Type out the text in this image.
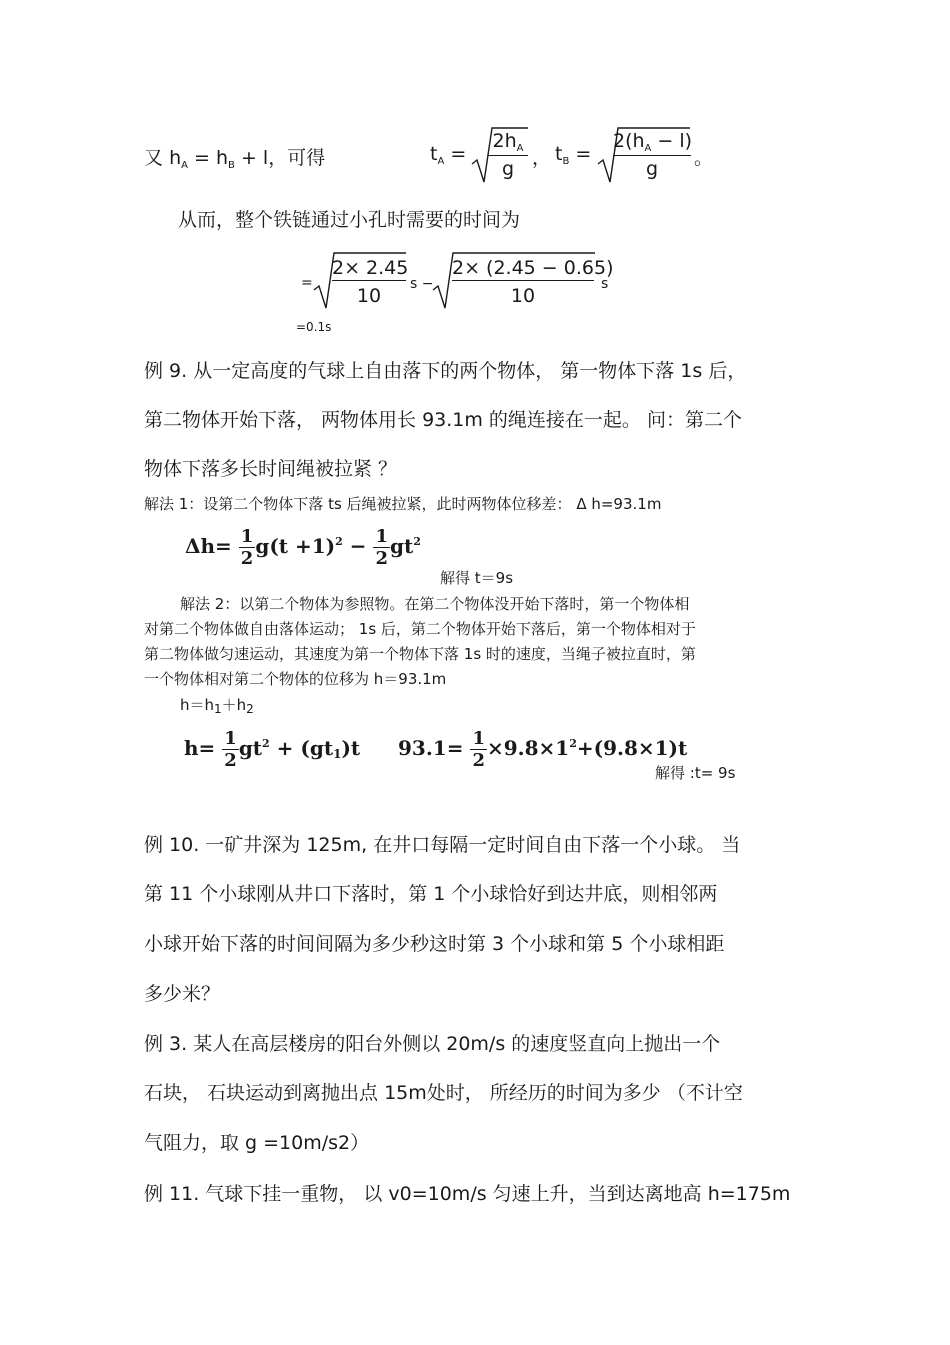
又 $h_A = h_B + l$，可得	$t_A$ =
$2h_A$
g ， $t_B$ =
$2(h_A - l)$
g	。
从而，整个铁链通过小孔时需要的时间为
= $\frac{2\times 2.45}{10}$ $s - \frac{2\times (2.45 - 0.65)}{10}$ s
=0.1s
例 9. 从一定高度的气球上自由落下的两个物体， 第一物体下落 1s 后，
第二物体开始下落， 两物体用长 93.1m 的绳连接在一起。 问：第二个
物体下落多长时间绳被拉紧 ？
解法 1：设第二个物体下落 ts 后绳被拉紧，此时两物体位移差： Δ h=93.1m
$\Delta h= \frac{1}{2} g(t +1)^2 - \frac{1}{2} gt^2$
解得 t＝9s
解法 2：以第二个物体为参照物。在第二个物体没开始下落时，第一个物体相
对第二个物体做自由落体运动； 1s 后，第二个物体开始下落后，第一个物体相对于
第二物体做匀速运动，其速度为第一个物体下落 1s 时的速度，当绳子被拉直时，第
一个物体相对第二个物体的位移为 h＝93.1m
$h=h_1+h_2$
$h= \frac{1}{2} gt^2 + (gt1)t$ $93.1= \frac{1}{2} \times 9.8\times 1^2+(9.8\times 1)t$
解得 :t= 9s
例 10. 一矿井深为 125m, 在井口每隔一定时间自由下落一个小球。 当
第 11 个小球刚从井口下落时，第 1 个小球恰好到达井底，则相邻两
小球开始下落的时间间隔为多少秒这时第 3 个小球和第 5 个小球相距
多少米？
例 3. 某人在高层楼房的阳台外侧以 20m/s 的速度竖直向上抛出一个
石块， 石块运动到离抛出点 15m处时， 所经历的时间为多少 （不计空
气阻力，取 g =10m/s2）
例 11. 气球下挂一重物， 以 v0=10m/s 匀速上升，当到达离地高 h=175m
